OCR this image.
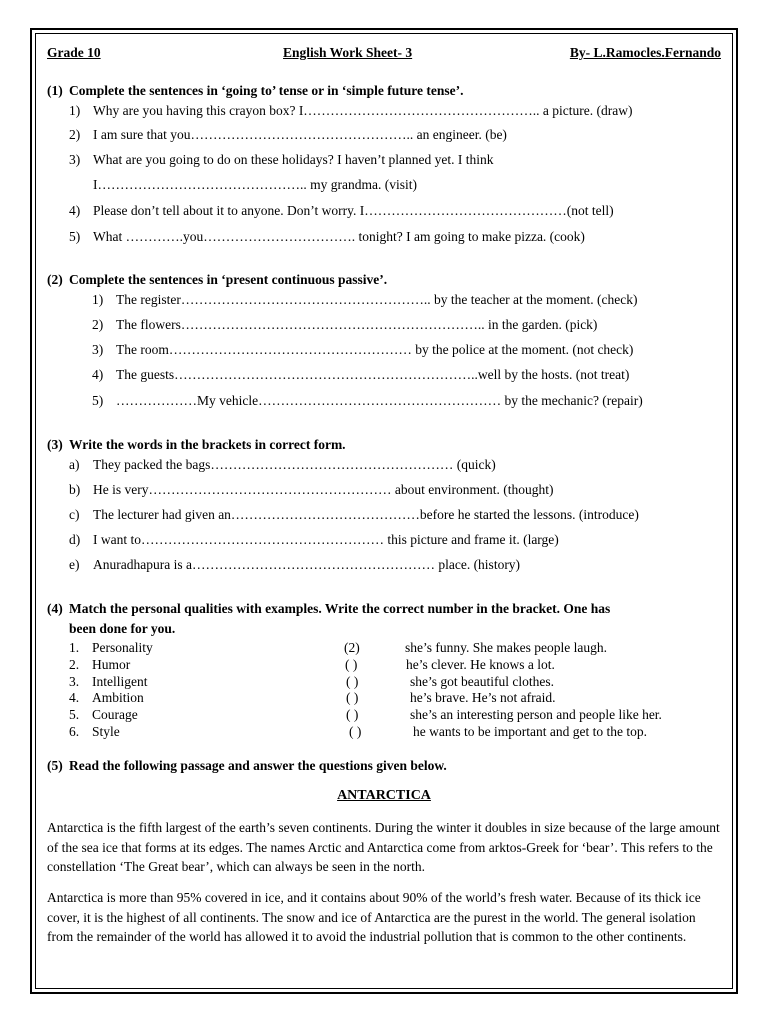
Grade 10	English Work Sheet- 3	By- L.Ramocles.Fernando
(1) Complete the sentences in ‘going to’ tense or in ‘simple future tense’.
1) Why are you having this crayon box? I…………………………………………….. a picture. (draw)
2) I am sure that you………………………………………….. an engineer. (be)
3) What are you going to do on these holidays? I haven’t planned yet. I think
I……………………………………….. my grandma. (visit)
4) Please don’t tell about it to anyone. Don’t worry. I………………………………………(not tell)
5) What ………….you……………………………. tonight? I am going to make pizza. (cook)
(2) Complete the sentences in ‘present continuous passive’.
1) The register……………………………………………….. by the teacher at the moment. (check)
2) The flowers………………………………………………………….. in the garden. (pick)
3) The room……………………………………………… by the police at the moment. (not check)
4) The guests…………………………………………………………..well by the hosts. (not treat)
5) ………………My vehicle……………………………………………… by the mechanic? (repair)
(3) Write the words in the brackets in correct form.
a) They packed the bags……………………………………………… (quick)
b) He is very……………………………………………… about environment. (thought)
c) The lecturer had given an……………………………………before he started the lessons. (introduce)
d) I want to……………………………………………… this picture and frame it. (large)
e) Anuradhapura is a……………………………………………… place. (history)
(4) Match the personal qualities with examples. Write the correct number in the bracket. One has
been done for you.
1. Personality	(2)	she’s funny. She makes people laugh.
2. Humor	( )	he’s clever. He knows a lot.
3. Intelligent	( )	she’s got beautiful clothes.
4. Ambition	( )	he’s brave. He’s not afraid.
5. Courage	( )	she’s an interesting person and people like her.
6. Style	( )	he wants to be important and get to the top.
(5) Read the following passage and answer the questions given below.
ANTARCTICA
Antarctica is the fifth largest of the earth’s seven continents. During the winter it doubles in size because of the large amount of the sea ice that forms at its edges. The names Arctic and Antarctica come from arktos-Greek for ‘bear’. This refers to the constellation ‘The Great bear’, which can always be seen in the north.
Antarctica is more than 95% covered in ice, and it contains about 90% of the world’s fresh water. Because of its thick ice cover, it is the highest of all continents. The snow and ice of Antarctica are the purest in the world. The general isolation from the remainder of the world has allowed it to avoid the industrial pollution that is common to the other continents.
